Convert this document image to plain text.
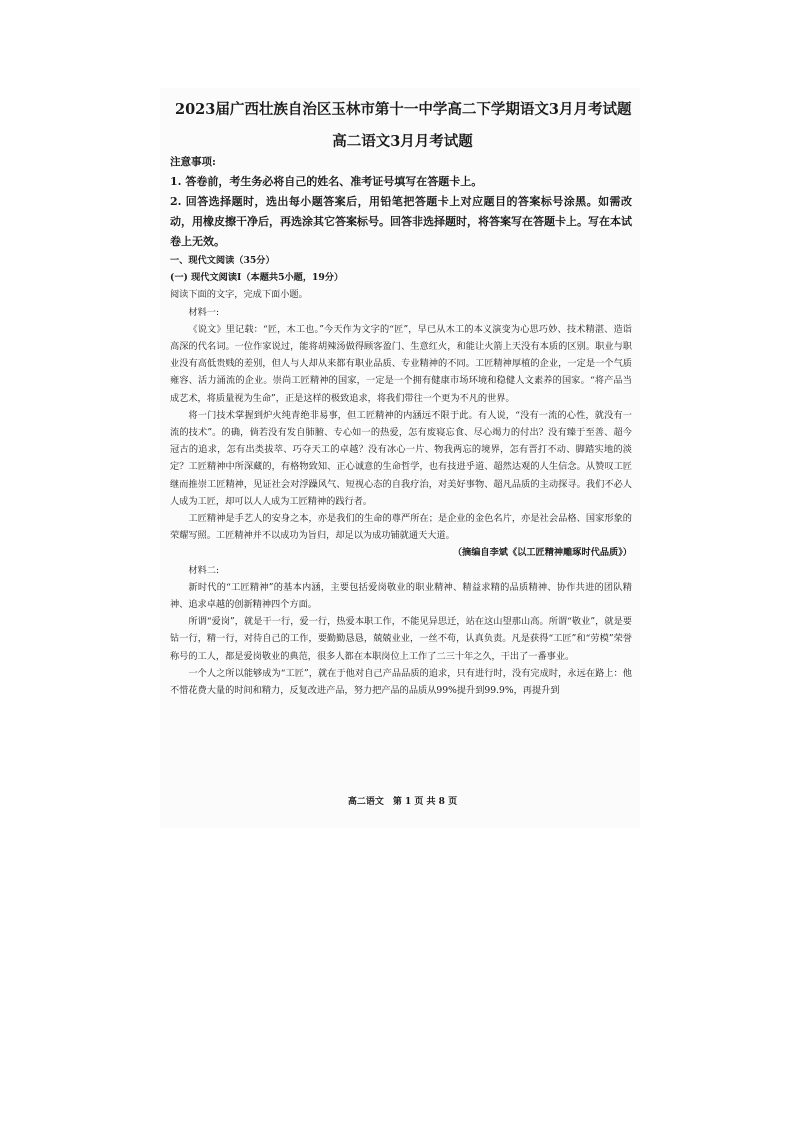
2023届广西壮族自治区玉林市第十一中学高二下学期语文3月月考试题
高二语文3月月考试题

注意事项:

1. 答卷前，考生务必将自己的姓名、准考证号填写在答题卡上。

2. 回答选择题时，选出每小题答案后，用铅笔把答题卡上对应题目的答案标号涂黑。如需改动，用橡皮擦干净后，再选涂其它答案标号。回答非选择题时，将答案写在答题卡上。写在本试卷上无效。

一、现代文阅读（35分）

(一) 现代文阅读Ⅰ（本题共5小题，19分）

阅读下面的文字，完成下面小题。

材料一:

《说文》里记载：“匠，木工也。”今天作为文字的“匠”，早已从木工的本义演变为心思巧妙、技术精湛、造诣高深的代名词。一位作家说过，能将胡辣汤做得顾客盈门、生意红火，和能让火箭上天没有本质的区别。职业与职业没有高低贵贱的差别，但人与人却从来都有职业品质、专业精神的不同。工匠精神厚植的企业，一定是一个气质雍容、活力涌流的企业。崇尚工匠精神的国家，一定是一个拥有健康市场环境和稳健人文素养的国家。“将产品当成艺术，将质量视为生命”，正是这样的极致追求，将我们带往一个更为不凡的世界。

将一门技术掌握到炉火纯青绝非易事，但工匠精神的内涵远不限于此。有人说，“没有一流的心性，就没有一流的技术”。的确，倘若没有发自肺腑、专心如一的热爱，怎有废寝忘食、尽心竭力的付出？没有臻于至善、超今冠古的追求，怎有出类拔萃、巧夺天工的卓越？没有冰心一片、物我两忘的境界，怎有晋打不动、脚踏实地的淡定？工匠精神中所深藏的，有格物致知、正心诚意的生命哲学，也有技进乎道、超然达观的人生信念。从赞叹工匠继而推崇工匠精神，见证社会对浮躁风气、短视心态的自我疗治，对美好事物、超凡品质的主动探寻。我们不必人人成为工匠，却可以人人成为工匠精神的践行者。

工匠精神是手艺人的安身之本，亦是我们的生命的尊严所在；是企业的金色名片，亦是社会品格、国家形象的荣耀写照。工匠精神并不以成功为旨归，却足以为成功铺就通天大道。

（摘编自李斌《以工匠精神雕琢时代品质》）

材料二:

新时代的“工匠精神”的基本内涵，主要包括爱岗敬业的职业精神、精益求精的品质精神、协作共进的团队精神、追求卓越的创新精神四个方面。

所谓“爱岗”，就是干一行，爱一行，热爱本职工作，不能见异思迁，站在这山望那山高。所谓“敬业”，就是要钻一行，精一行，对待自己的工作，要勤勤恳恳，兢兢业业，一丝不苟，认真负责。凡是获得“工匠”和“劳模”荣誉称号的工人，都是爱岗敬业的典范，很多人都在本职岗位上工作了二三十年之久，干出了一番事业。

一个人之所以能够成为“工匠”，就在于他对自己产品品质的追求，只有进行时，没有完成时，永远在路上：他不惜花费大量的时间和精力，反复改进产品，努力把产品的品质从99%提升到99.9%，再提升到

高二语文　第 1 页 共 8 页
